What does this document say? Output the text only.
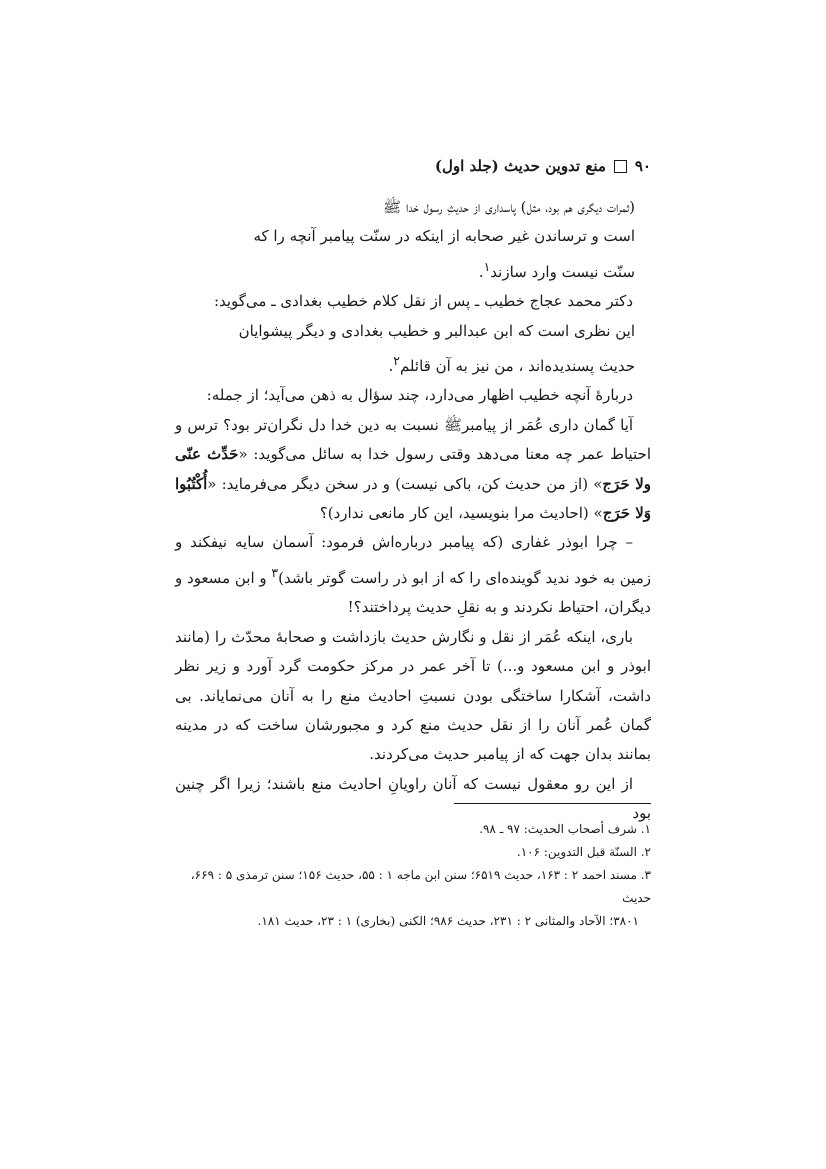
۹۰
منع تدوین حدیث (جلد اول)

(ثمرات دیگری هم بود، مثل) پاسداری از حدیثِ رسول خدا ﷺ

است و ترساندن غیر صحابه از اینکه در سنّت پیامبر آنچه را که

سنّت نیست وارد سازند$^۱$.

دکتر محمد عجاج خطیب ـ پس از نقل کلام خطیب بغدادی ـ می‌گوید:

این نظری است که ابن عبدالبر و خطیب بغدادی و دیگر پیشوایان

حدیث پسندیده‌اند ، من نیز به آن قائلم$^۲$.

دربارهٔ آنچه خطیب اظهار می‌دارد، چند سؤال به ذهن می‌آید؛ از جمله:

آیا گمان داری عُمَر از پیامبرﷺ نسبت به دین خدا دل نگران‌تر بود؟ ترس و احتیاط عمر چه معنا می‌دهد وقتی رسول خدا به سائل می‌گوید: «حَدِّث عنّی ولا حَرَج» (از من حدیث کن، باکی نیست) و در سخن دیگر می‌فرماید: «أُكْتُبُوا وَلا حَرَج» (احادیث مرا بنویسید، این کار مانعی ندارد)؟

– چرا ابوذر غفاری (که پیامبر درباره‌اش فرمود: آسمان سایه نیفکند و زمین به خود ندید گوینده‌ای را که از ابو ذر راست گوتر باشد)$^۳$ و ابن مسعود و دیگران، احتیاط نکردند و به نقلِ حدیث پرداختند؟!

باری، اینکه عُمَر از نقل و نگارش حدیث بازداشت و صحابهٔ محدّث را (مانند ابوذر و ابن مسعود و...) تا آخر عمر در مرکز حکومت گرد آورد و زیر نظر داشت، آشکارا ساختگی بودن نسبتِ احادیث منع را به آنان می‌نمایاند. بی گمان عُمر آنان را از نقل حدیث منع کرد و مجبورشان ساخت که در مدینه بمانند بدان جهت که از پیامبر حدیث می‌کردند.

از این رو معقول نیست که آنان راویانِ احادیث منع باشند؛ زیرا اگر چنین بود

۱. شرف أصحاب الحدیث: ۹۷ ـ ۹۸.

۲. السنّة قبل التدوین: ۱۰۶.

۳. مسند احمد ۲ : ۱۶۳، حدیث ۶۵۱۹؛ سنن ابن ماجه ۱ : ۵۵، حدیث ۱۵۶؛ سنن ترمذی ۵ : ۶۶۹، حدیث

۳۸۰۱؛ الآحاد والمثانی ۲ : ۲۳۱، حدیث ۹۸۶؛ الکنی (بخاری) ۱ : ۲۳، حدیث ۱۸۱.
